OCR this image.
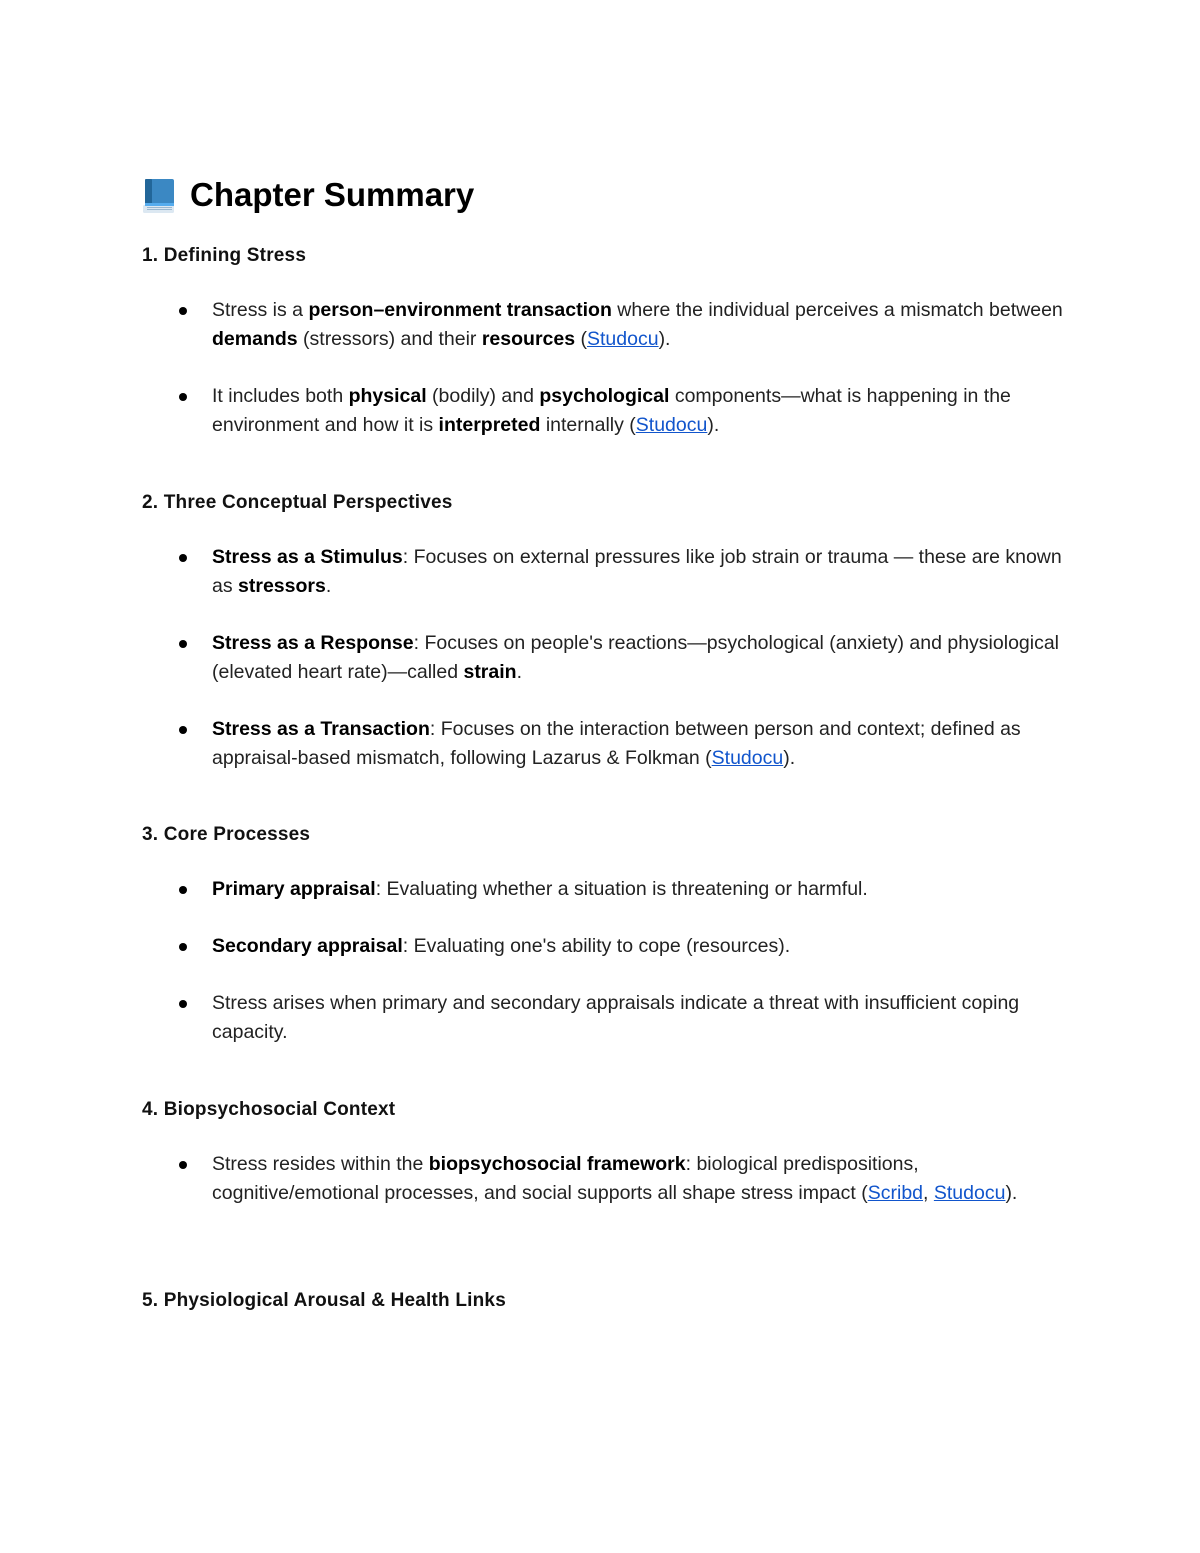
Chapter Summary
1. Defining Stress
Stress is a person–environment transaction where the individual perceives a mismatch between demands (stressors) and their resources (Studocu).
It includes both physical (bodily) and psychological components—what is happening in the environment and how it is interpreted internally (Studocu).
2. Three Conceptual Perspectives
Stress as a Stimulus: Focuses on external pressures like job strain or trauma — these are known as stressors.
Stress as a Response: Focuses on people's reactions—psychological (anxiety) and physiological (elevated heart rate)—called strain.
Stress as a Transaction: Focuses on the interaction between person and context; defined as appraisal-based mismatch, following Lazarus & Folkman (Studocu).
3. Core Processes
Primary appraisal: Evaluating whether a situation is threatening or harmful.
Secondary appraisal: Evaluating one's ability to cope (resources).
Stress arises when primary and secondary appraisals indicate a threat with insufficient coping capacity.
4. Biopsychosocial Context
Stress resides within the biopsychosocial framework: biological predispositions, cognitive/emotional processes, and social supports all shape stress impact (Scribd, Studocu).
5. Physiological Arousal & Health Links
